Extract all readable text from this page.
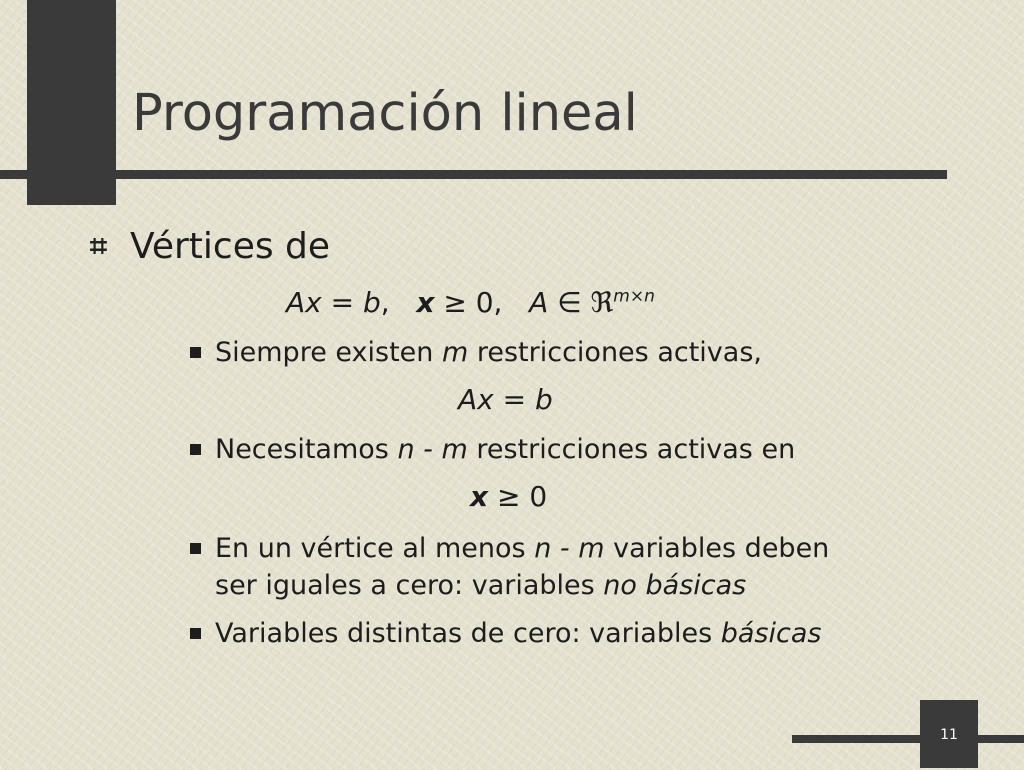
Programación lineal
⌗ Vértices de
Ax = b,   x ≥ 0,   A ∈ ℜ$^{m\times n}$
Siempre existen m restricciones activas,
Ax = b
Necesitamos n - m restricciones activas en
x ≥ 0
En un vértice al menos n - m variables deben
ser iguales a cero: variables no básicas
Variables distintas de cero: variables básicas
11
